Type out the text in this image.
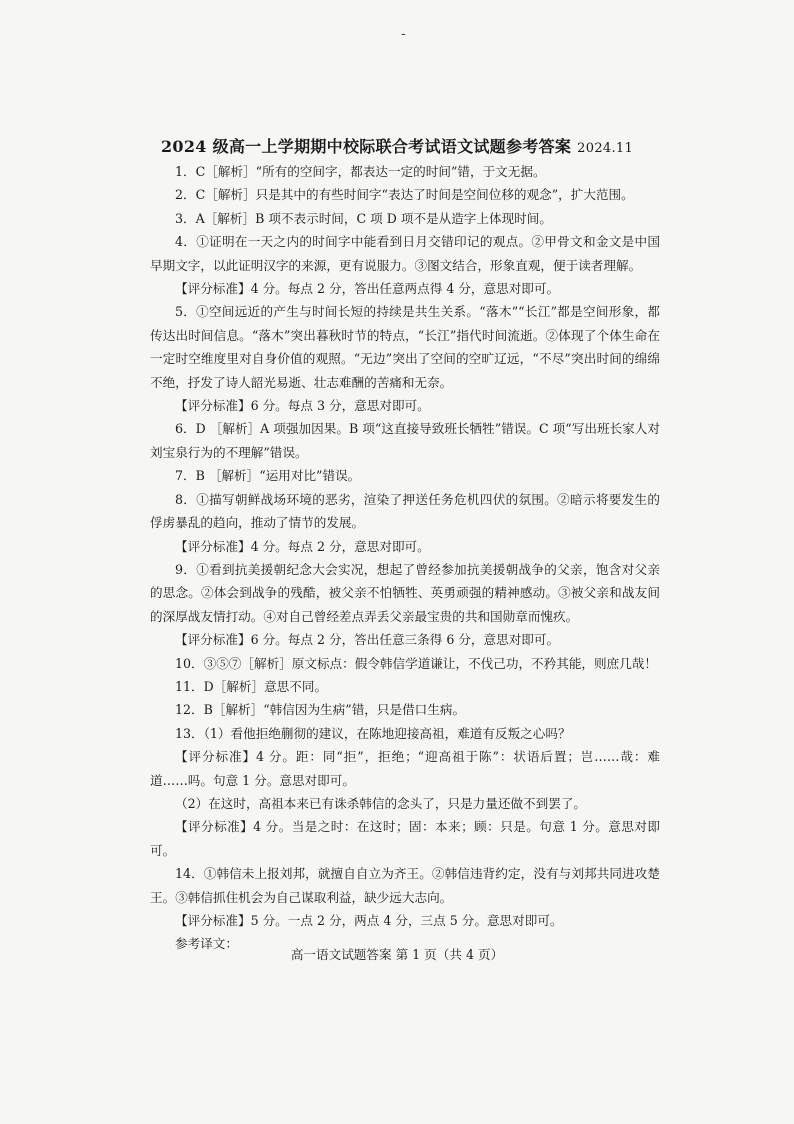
-
2024 级高一上学期期中校际联合考试语文试题参考答案 2024.11

1．C［解析］“所有的空间字，都表达一定的时间”错，于文无据。

2．C［解析］只是其中的有些时间字“表达了时间是空间位移的观念”，扩大范围。

3．A［解析］B 项不表示时间，C 项 D 项不是从造字上体现时间。

4．①证明在一天之内的时间字中能看到日月交错印记的观点。②甲骨文和金文是中国早期文字，以此证明汉字的来源，更有说服力。③图文结合，形象直观，便于读者理解。

【评分标准】4 分。每点 2 分，答出任意两点得 4 分，意思对即可。

5．①空间远近的产生与时间长短的持续是共生关系。“落木”“长江”都是空间形象，都传达出时间信息。“落木”突出暮秋时节的特点，“长江”指代时间流逝。②体现了个体生命在一定时空维度里对自身价值的观照。“无边”突出了空间的空旷辽远，“不尽”突出时间的绵绵不绝，抒发了诗人韶光易逝、壮志难酬的苦痛和无奈。

【评分标准】6 分。每点 3 分，意思对即可。

6．D ［解析］A 项强加因果。B 项“这直接导致班长牺牲”错误。C 项“写出班长家人对刘宝泉行为的不理解”错误。

7．B ［解析］“运用对比”错误。

8．①描写朝鲜战场环境的恶劣，渲染了押送任务危机四伏的氛围。②暗示将要发生的俘虏暴乱的趋向，推动了情节的发展。

【评分标准】4 分。每点 2 分，意思对即可。

9．①看到抗美援朝纪念大会实况，想起了曾经参加抗美援朝战争的父亲，饱含对父亲的思念。②体会到战争的残酷，被父亲不怕牺牲、英勇顽强的精神感动。③被父亲和战友间的深厚战友情打动。④对自己曾经差点弄丢父亲最宝贵的共和国勋章而愧疚。

【评分标准】6 分。每点 2 分，答出任意三条得 6 分，意思对即可。

10．③⑤⑦［解析］原文标点：假令韩信学道谦让，不伐己功，不矜其能，则庶几哉！

11．D［解析］意思不同。

12．B［解析］“韩信因为生病”错，只是借口生病。

13．（1）看他拒绝蒯彻的建议，在陈地迎接高祖，难道有反叛之心吗？

【评分标准】4 分。距：同“拒”，拒绝；“迎高祖于陈”：状语后置；岂……哉：难道……吗。句意 1 分。意思对即可。

（2）在这时，高祖本来已有诛杀韩信的念头了，只是力量还做不到罢了。

【评分标准】4 分。当是之时：在这时；固：本来；顾：只是。句意 1 分。意思对即可。

14．①韩信未上报刘邦，就擅自自立为齐王。②韩信违背约定，没有与刘邦共同进攻楚王。③韩信抓住机会为自己谋取利益，缺少远大志向。

【评分标准】5 分。一点 2 分，两点 4 分，三点 5 分。意思对即可。

参考译文：

高一语文试题答案 第 1 页（共 4 页）
